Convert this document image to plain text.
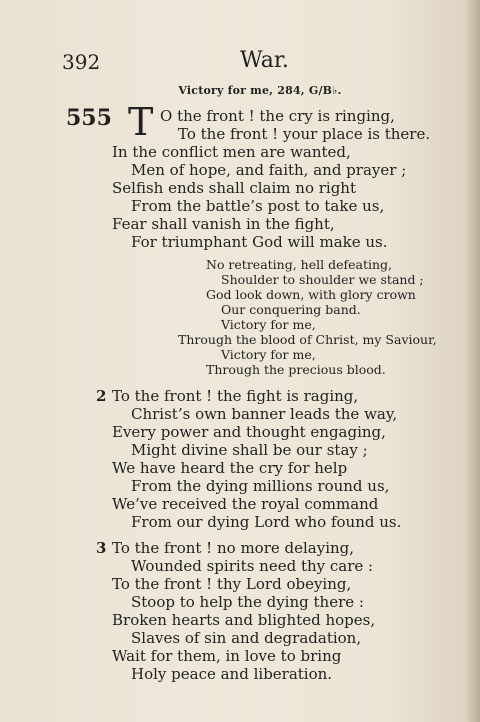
392	War.
Victory for me, 284, G/B♭.
555 T O the front ! the cry is ringing,
To the front ! your place is there.
In the conflict men are wanted,
Men of hope, and faith, and prayer ;
Selfish ends shall claim no right
From the battle’s post to take us,
Fear shall vanish in the fight,
For triumphant God will make us.
No retreating, hell defeating,
Shoulder to shoulder we stand ;
God look down, with glory crown
Our conquering band.
Victory for me,
Through the blood of Christ, my Saviour,
Victory for me,
Through the precious blood.
2 To the front ! the fight is raging,
Christ’s own banner leads the way,
Every power and thought engaging,
Might divine shall be our stay ;
We have heard the cry for help
From the dying millions round us,
We’ve received the royal command
From our dying Lord who found us.
3 To the front ! no more delaying,
Wounded spirits need thy care :
To the front ! thy Lord obeying,
Stoop to help the dying there :
Broken hearts and blighted hopes,
Slaves of sin and degradation,
Wait for them, in love to bring
Holy peace and liberation.
